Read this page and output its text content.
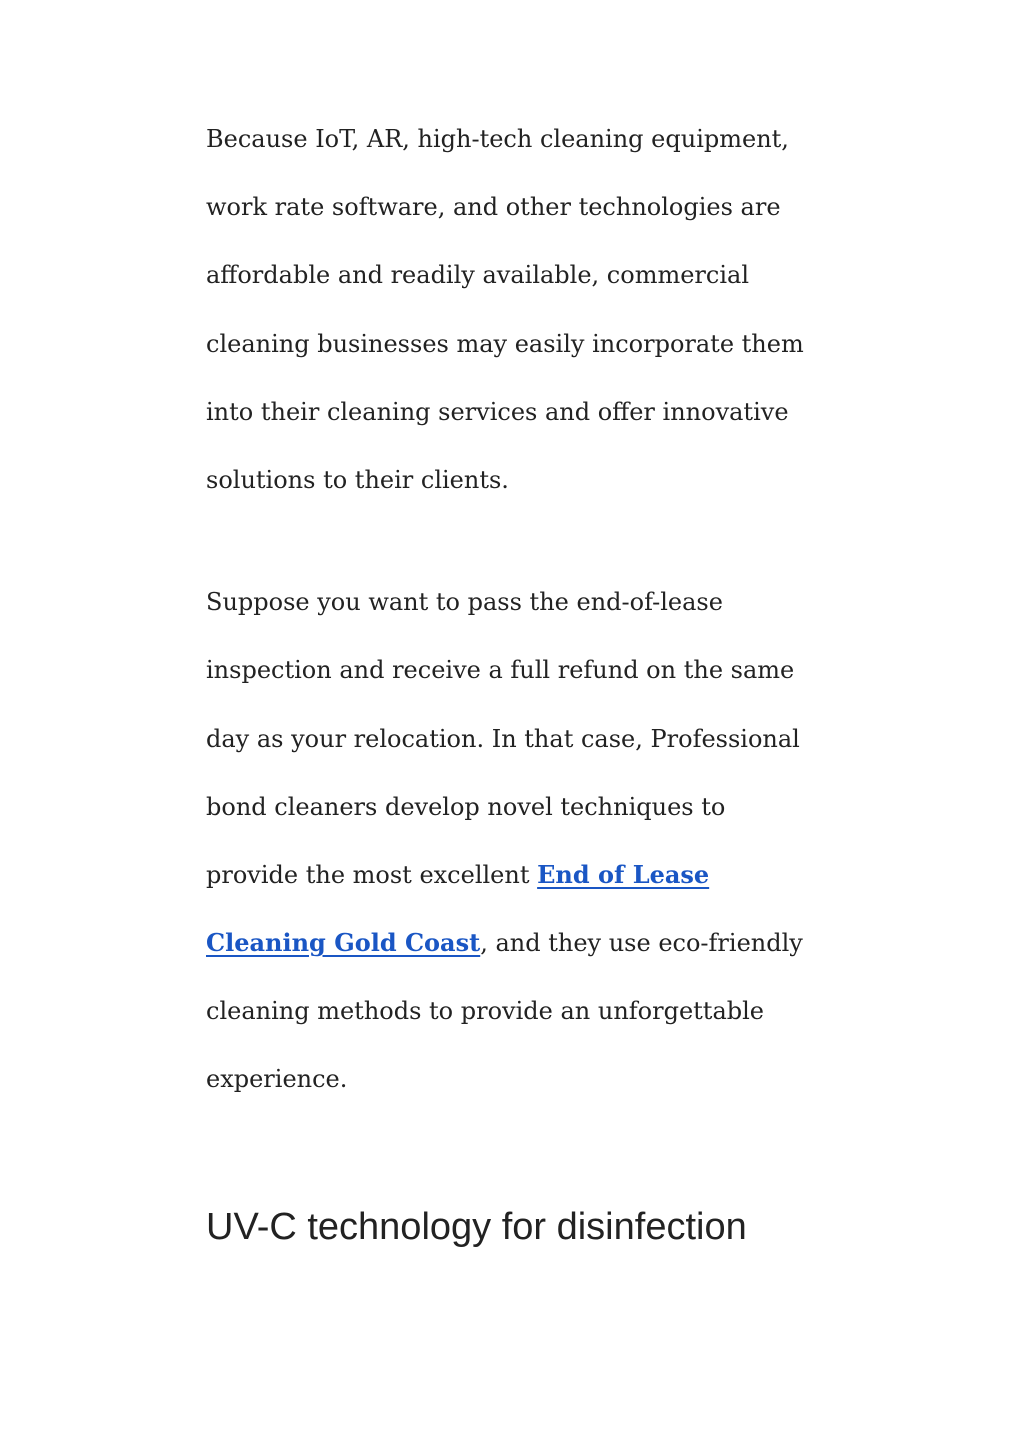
Because IoT, AR, high-tech cleaning equipment,
work rate software, and other technologies are
affordable and readily available, commercial
cleaning businesses may easily incorporate them
into their cleaning services and offer innovative
solutions to their clients.

Suppose you want to pass the end-of-lease
inspection and receive a full refund on the same
day as your relocation. In that case, Professional
bond cleaners develop novel techniques to
provide the most excellent End of Lease
Cleaning Gold Coast, and they use eco-friendly
cleaning methods to provide an unforgettable
experience.

UV-C technology for disinfection
